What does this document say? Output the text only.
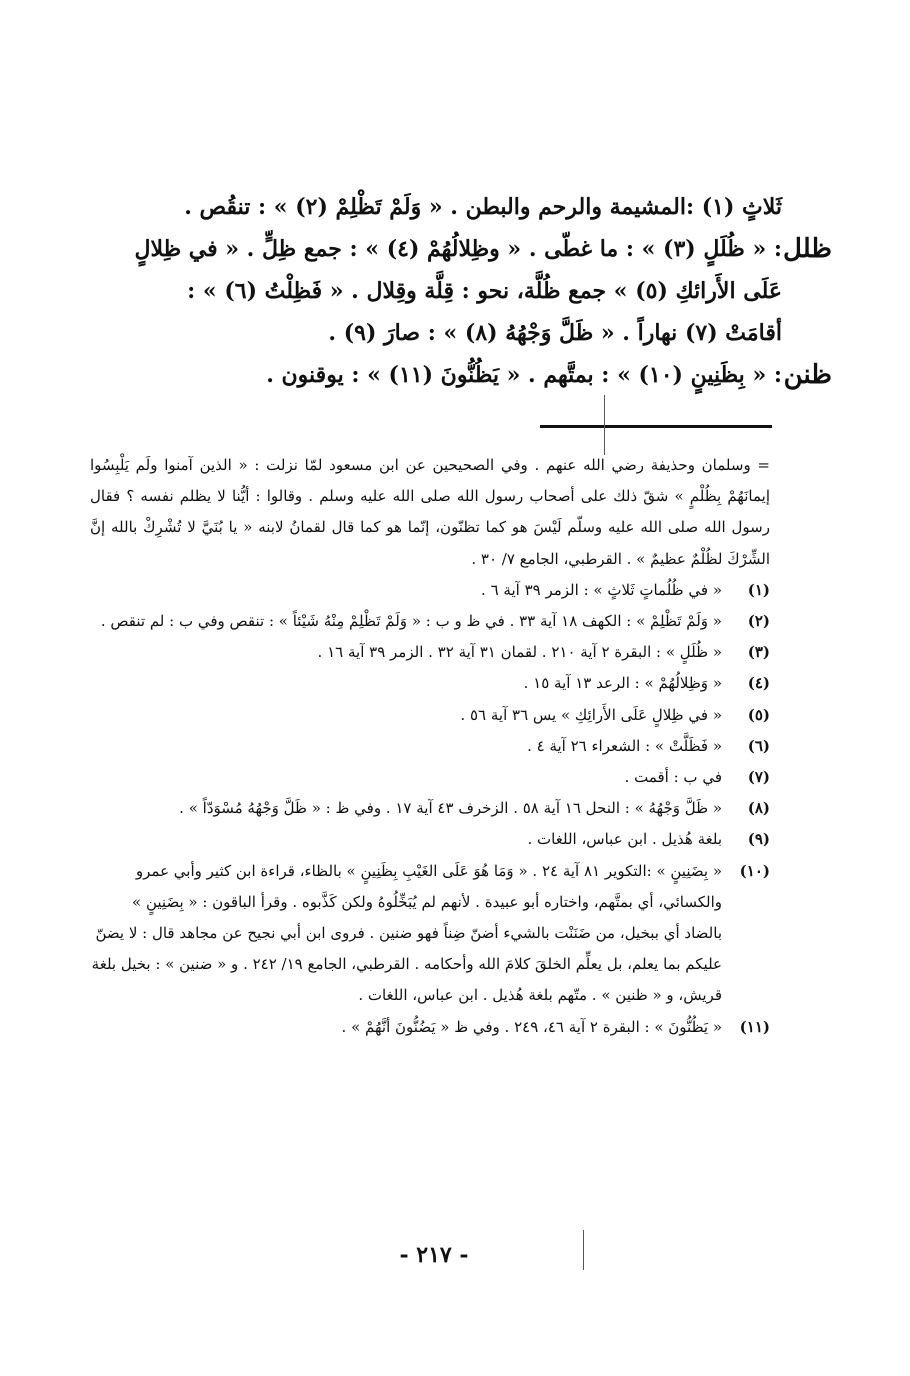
ثَلاثٍ (١) :المشيمة والرحم والبطن . « وَلَمْ تَظْلِمْ (٢) » : تنقُص .
ظلل
: « ظُلَلٍ (٣) » : ما غطّى . « وظِلالُهُمْ (٤) » : جمع ظِلٍّ . « في ظِلالٍ
عَلَى الأَرائكِ (٥) » جمع ظُلَّة، نحو : قِلَّة وقِلال . « فَظِلْتُ (٦) » :
أقامَتْ (٧) نهاراً . « ظَلَّ وَجْهُهُ (٨) » : صارَ (٩) .
ظنن
: « بِظَنِينٍ (١٠) » : بمتَّهم . « يَظُنُّونَ (١١) » : يوقنون .
= وسلمان وحذيفة رضي الله عنهم . وفي الصحيحين عن ابن مسعود لمّا نزلت : « الذين آمنوا ولَم يَلْبِسُوا إيمانَهُمْ بِظُلْمٍ » شقّ ذلك على أصحاب رسول الله صلى الله عليه وسلم . وقالوا : أيُّنا لا يظلم نفسه ؟ فقال رسول الله صلى الله عليه وسلّم لَيْسَ هو كما تظنّون، إنّما هو كما قال لقمانُ لابنه « يا بُنَيَّ لا تُشْرِكْ بالله إنَّ الشِّرْكَ لظُلْمٌ عظيمٌ » . القرطبي، الجامع ٧/ ٣٠ .
(١)
« في ظُلُماتٍ ثَلاثٍ » : الزمر ٣٩ آية ٦ .
(٢)
« وَلَمْ تَظْلِمْ » : الكهف ١٨ آية ٣٣ . في ظ و ب : « وَلَمْ تَظْلِمْ مِنْهُ شَيْئاً » : تنقص وفي ب : لم تنقص .
(٣)
« ظُلَلٍ » : البقرة ٢ آية ٢١٠ . لقمان ٣١ آية ٣٢ . الزمر ٣٩ آية ١٦ .
(٤)
« وَظِلالُهُمْ » : الرعد ١٣ آية ١٥ .
(٥)
« في ظِلالٍ عَلَى الأَرائِكِ » يس ٣٦ آية ٥٦ .
(٦)
« فَظَلَّتْ » : الشعراء ٢٦ آية ٤ .
(٧)
في ب : أقمت .
(٨)
« ظَلَّ وَجْهُهُ » : النحل ١٦ آية ٥٨ . الزخرف ٤٣ آية ١٧ . وفي ظ : « ظَلَّ وَجْهُهُ مُسْوَدّاً » .
(٩)
بلغة هُذيل . ابن عباس، اللغات .
(١٠)
« بِضَنِينٍ » :التكوير ٨١ آية ٢٤ . « وَمَا هُوَ عَلَى الغَيْبِ بِظَنِينٍ » بالظاء، قراءة ابن كثير وأبي عمرو والكسائي، أي بمتَّهم، واختاره أبو عبيدة . لأنهم لم يُبَخِّلُوهُ ولكن كَذَّبوه . وقرأ الباقون : « بِضَنِينٍ » بالضاد أي ببخيل، من ضَنَنْت بالشيء أضنّ ضِناً فهو ضنين . فروى ابن أبي نجيح عن مجاهد قال : لا يضنّ عليكم بما يعلم، بل يعلِّم الخلقَ كلامَ الله وأحكامه . القرطبي، الجامع ١٩/ ٢٤٢ . و « ضنين » : بخيل بلغة قريش، و « ظنين » . متّهم بلغة هُذيل . ابن عباس، اللغات .
(١١)
« يَظُنُّونَ » : البقرة ٢ آية ٤٦، ٢٤٩ . وفي ظ « يَضُنُّونَ أنَّهُمْ » .
- ٢١٧ -
